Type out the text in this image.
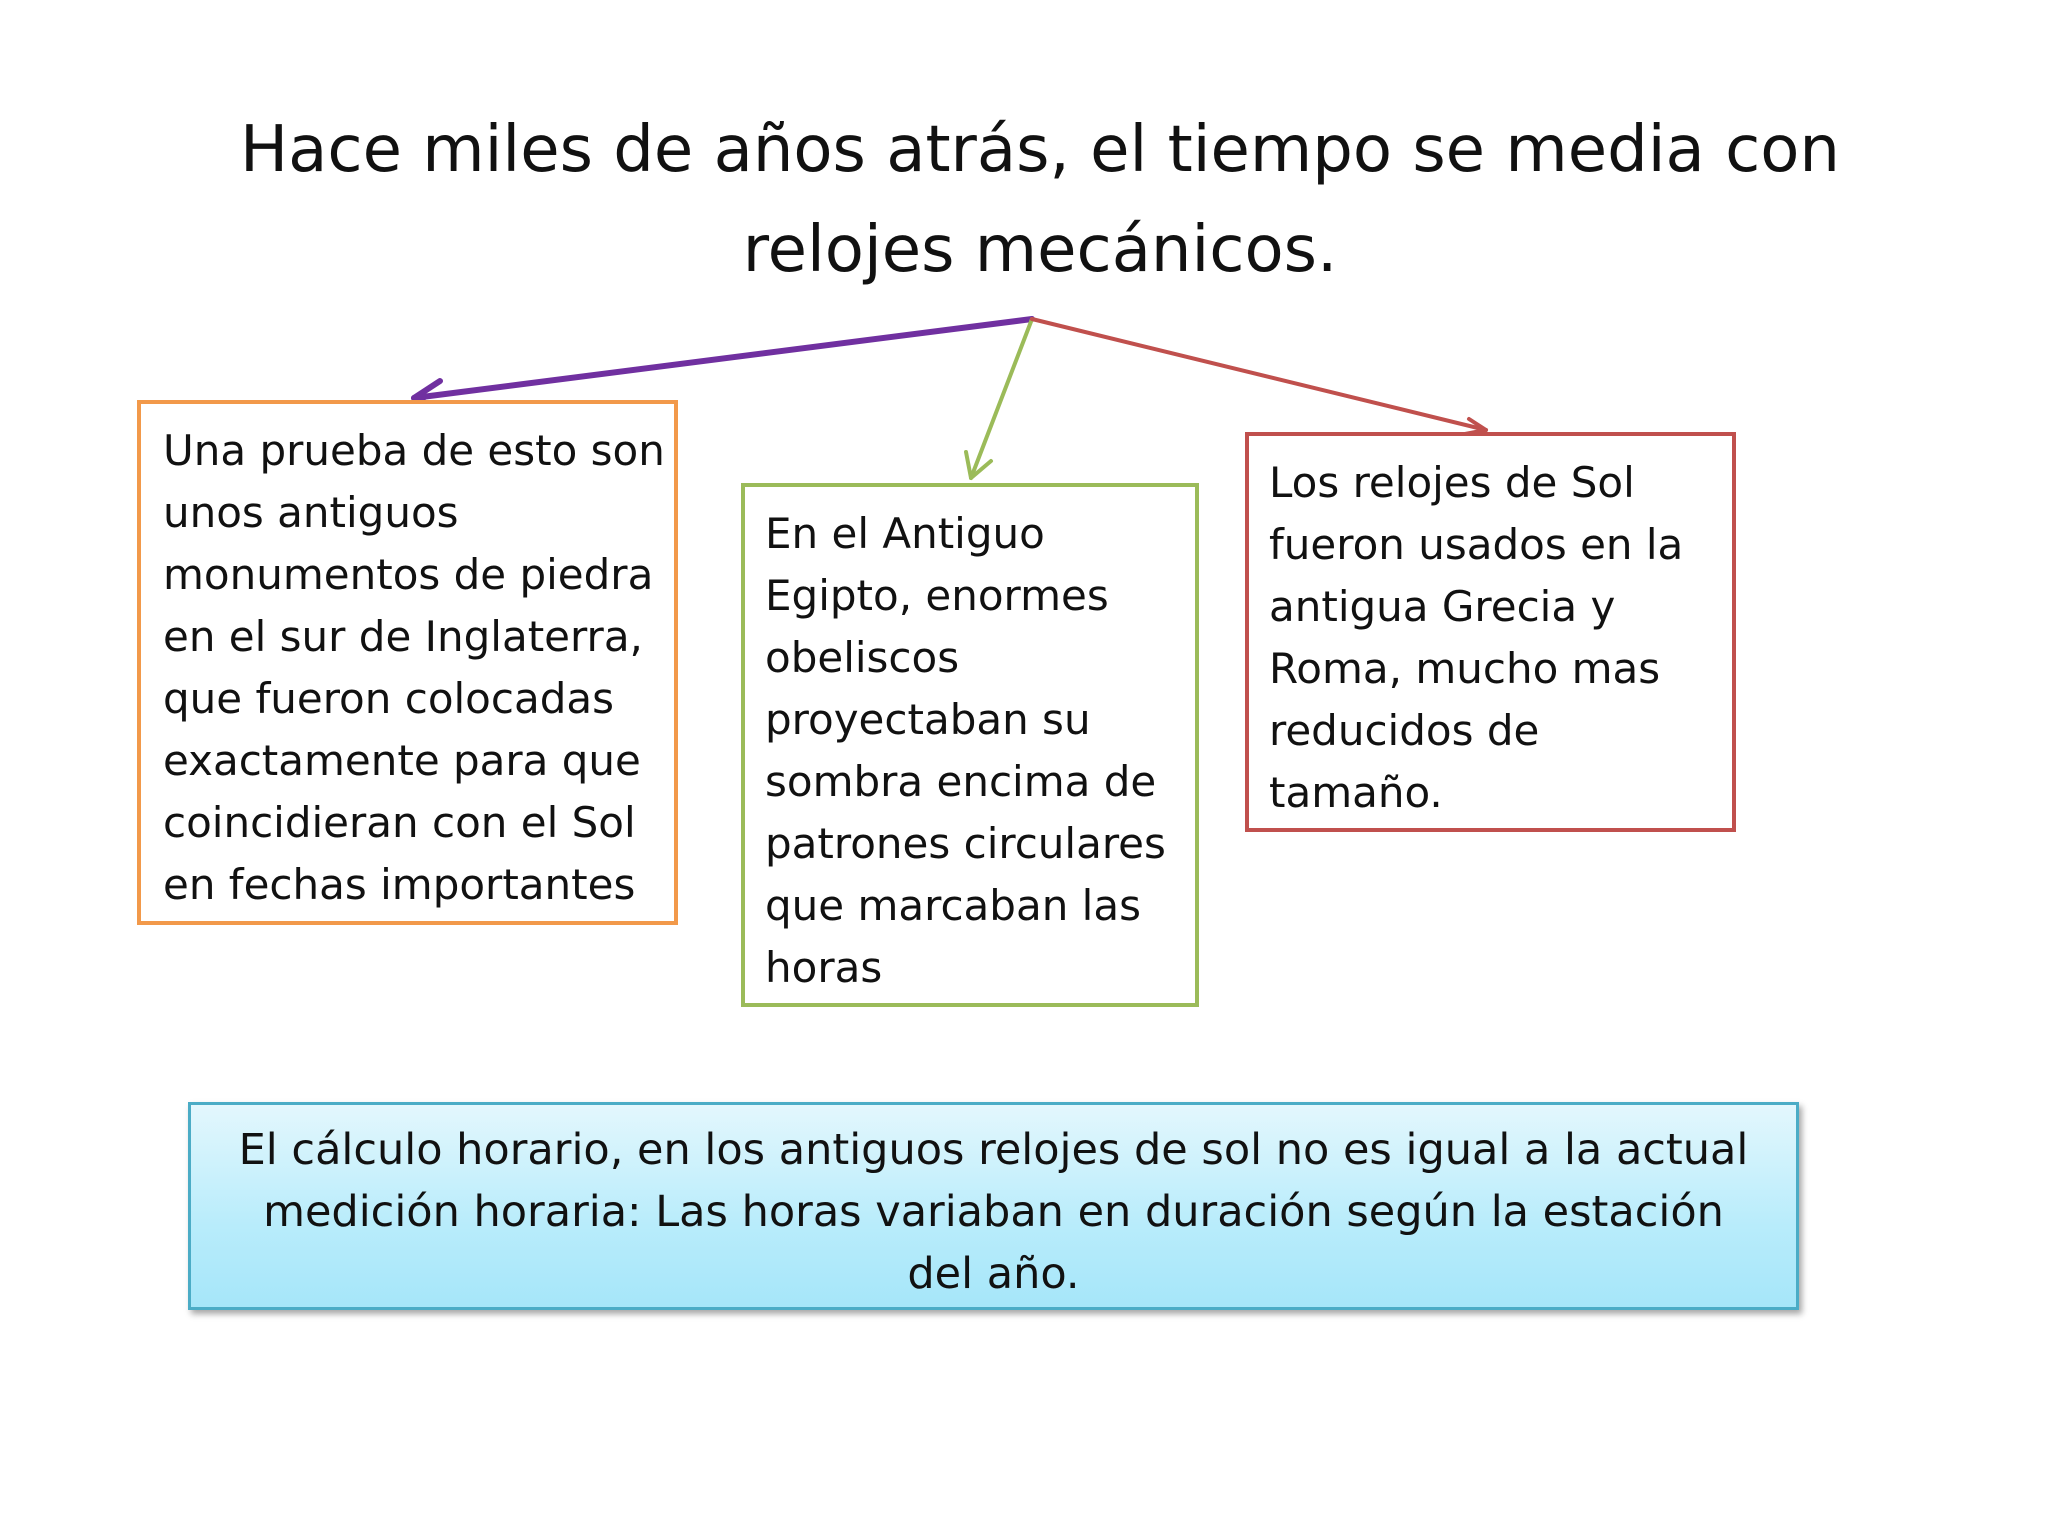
Hace miles de años atrás, el tiempo se media con relojes mecánicos.

Una prueba de esto son unos antiguos monumentos de piedra en el sur de Inglaterra, que fueron colocadas exactamente para que coincidieran con el Sol en fechas importantes

En el Antiguo Egipto, enormes obeliscos proyectaban su sombra encima de patrones circulares que marcaban las horas

Los relojes de Sol fueron usados en la antigua Grecia y Roma, mucho mas reducidos de tamaño.

El cálculo horario, en los antiguos relojes de sol no es igual a la actual medición horaria: Las horas variaban en duración según la estación del año.
